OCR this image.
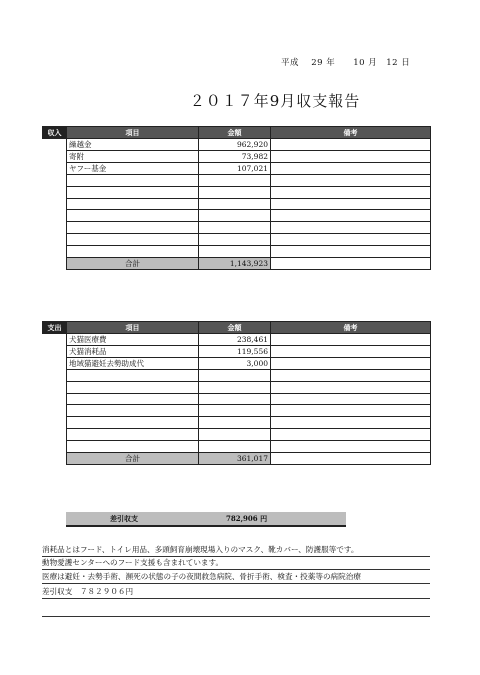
平成　 29 年　　10 月　12 日
２０１７年9月収支報告
収入	項目	金額	備考
	繰越金	962,920	
	寄附	73,982	
	ヤフー基金	107,021	

	合計	1,143,923	
支出	項目	金額	備考
	犬猫医療費	238,461	
	犬猫消耗品	119,556	
	地域猫避妊去勢助成代	3,000	

	合計	361,017	
差引収支	782,906 円
消耗品とはフード、トイレ用品、多頭飼育崩壊現場入りのマスク、靴カバー、防護服等です。
動物愛護センターへのフード支援も含まれています。
医療は避妊・去勢手術、瀕死の状態の子の夜間救急病院、骨折手術、検査・投薬等の病院治療
差引収支　７８２９０６円
